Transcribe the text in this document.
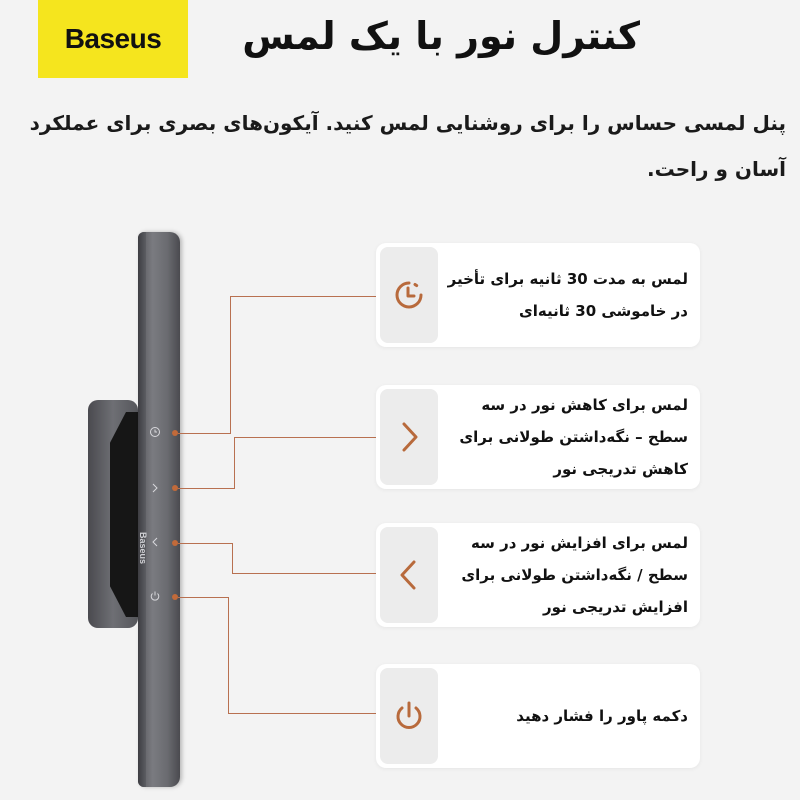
Baseus	کنترل نور با یک لمس
پنل لمسی حساس را برای روشنایی لمس کنید. آیکون‌های بصری برای عملکرد آسان و راحت.
Baseus
لمس به مدت 30 ثانیه برای تأخیر در خاموشی 30 ثانیه‌ای
لمس برای کاهش نور در سه سطح – نگه‌داشتن طولانی برای کاهش تدریجی نور
لمس برای افزایش نور در سه سطح / نگه‌داشتن طولانی برای افزایش تدریجی نور
دکمه پاور را فشار دهید
